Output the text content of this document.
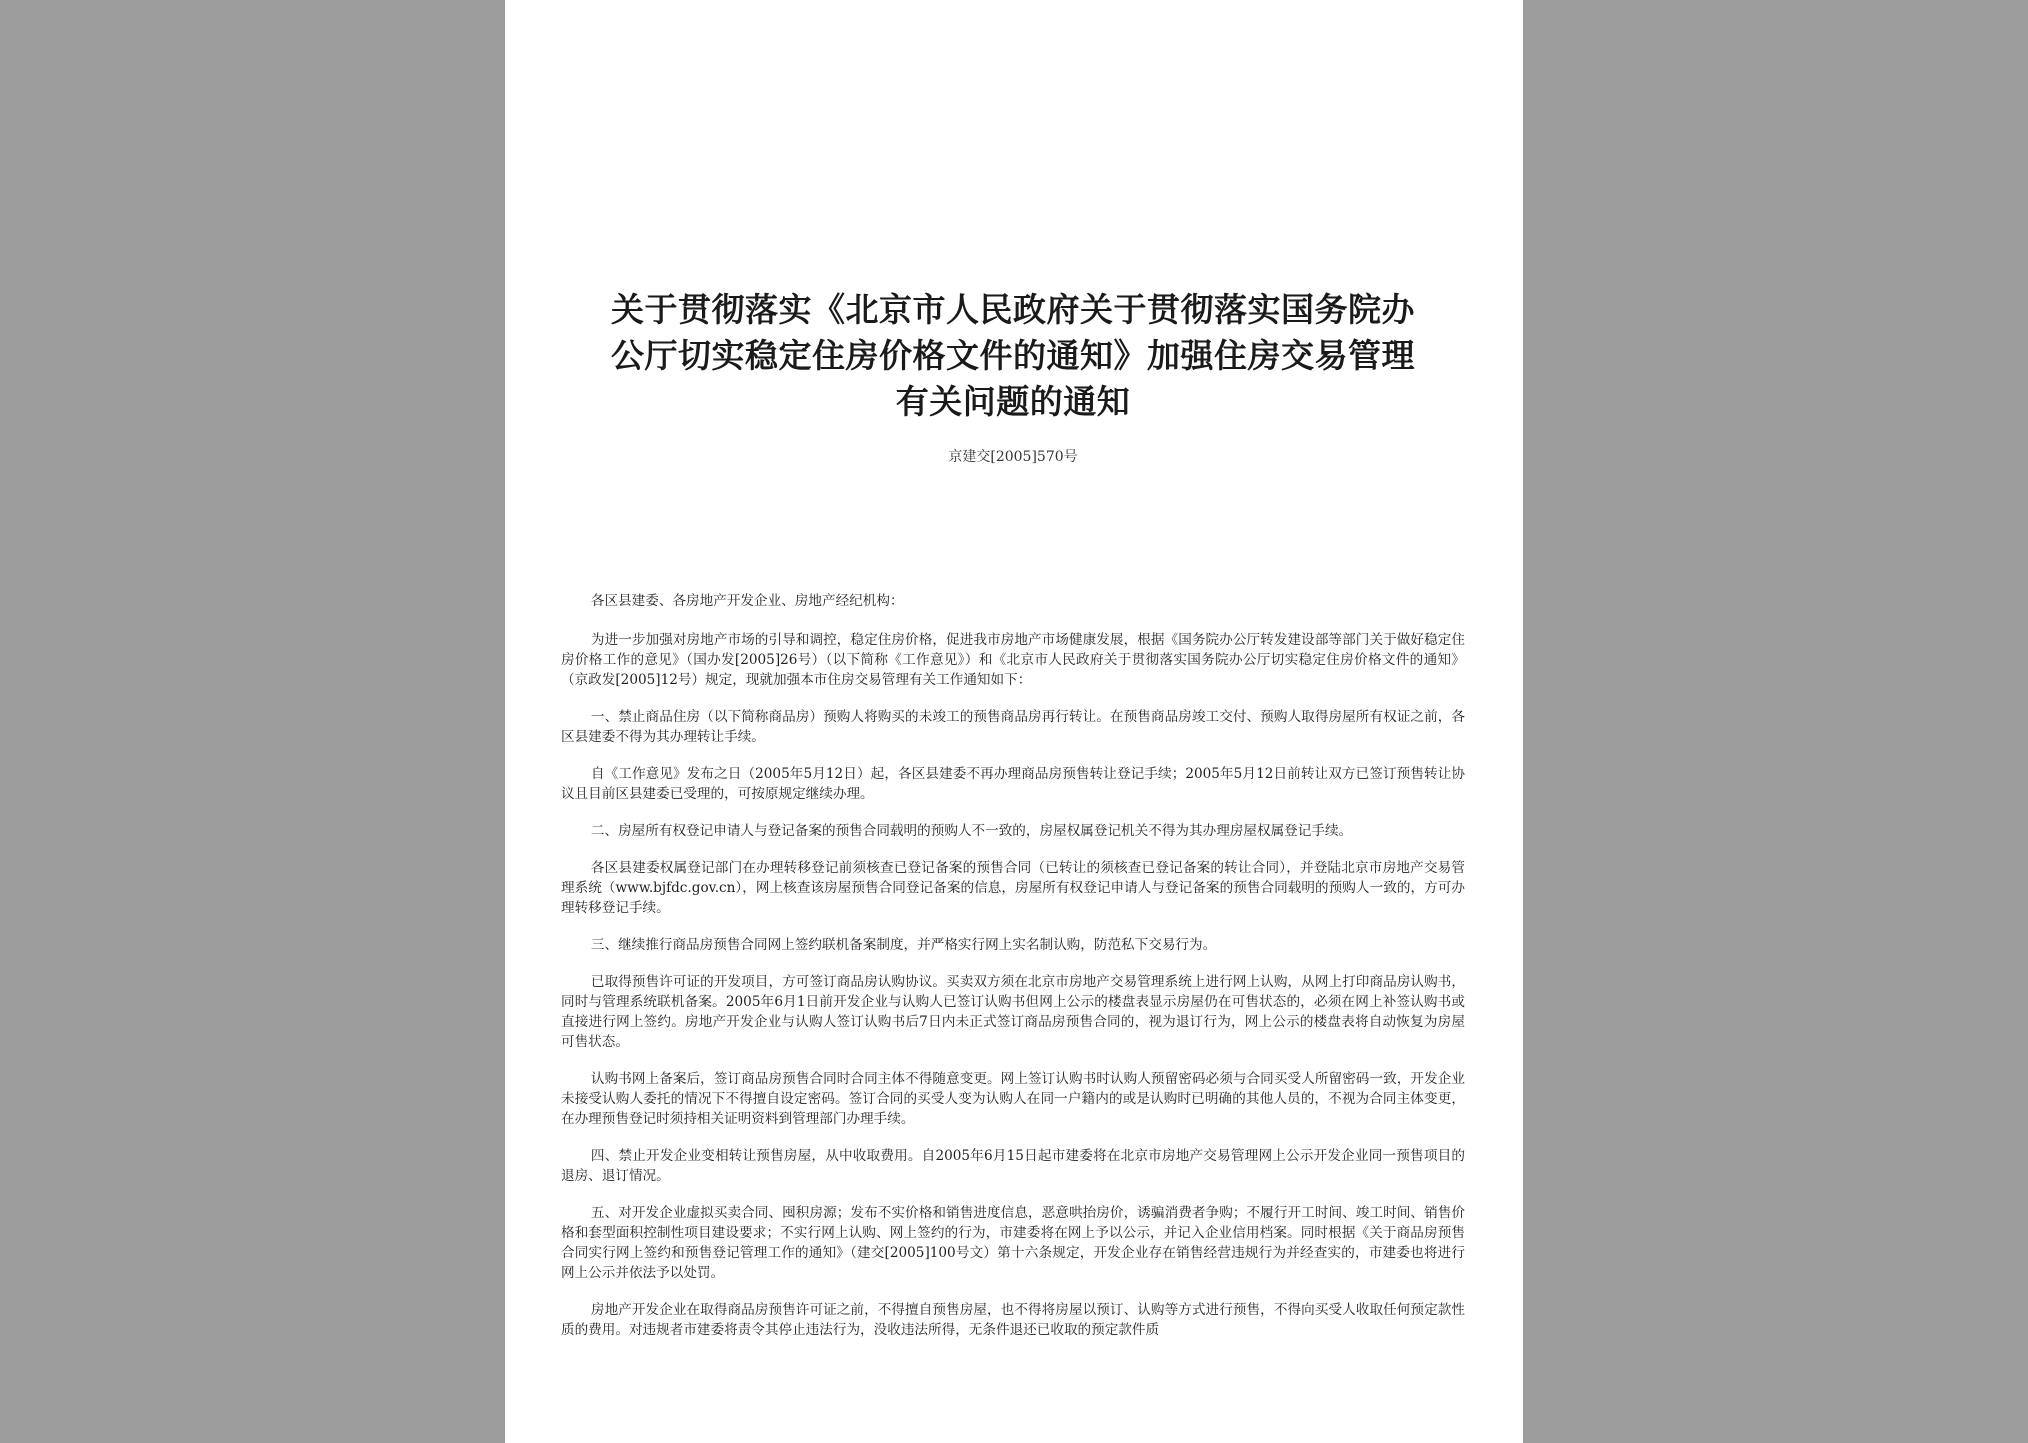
关于贯彻落实《北京市人民政府关于贯彻落实国务院办
公厅切实稳定住房价格文件的通知》加强住房交易管理
有关问题的通知
京建交[2005]570号

各区县建委、各房地产开发企业、房地产经纪机构：

为进一步加强对房地产市场的引导和调控，稳定住房价格，促进我市房地产市场健康发展，根据《国务院办公厅转发建设部等部门关于做好稳定住房价格工作的意见》（国办发[2005]26号）（以下简称《工作意见》）和《北京市人民政府关于贯彻落实国务院办公厅切实稳定住房价格文件的通知》（京政发[2005]12号）规定，现就加强本市住房交易管理有关工作通知如下：

一、禁止商品住房（以下简称商品房）预购人将购买的未竣工的预售商品房再行转让。在预售商品房竣工交付、预购人取得房屋所有权证之前，各区县建委不得为其办理转让手续。

自《工作意见》发布之日（2005年5月12日）起，各区县建委不再办理商品房预售转让登记手续；2005年5月12日前转让双方已签订预售转让协议且目前区县建委已受理的，可按原规定继续办理。

二、房屋所有权登记申请人与登记备案的预售合同载明的预购人不一致的，房屋权属登记机关不得为其办理房屋权属登记手续。

各区县建委权属登记部门在办理转移登记前须核查已登记备案的预售合同（已转让的须核查已登记备案的转让合同），并登陆北京市房地产交易管理系统（www.bjfdc.gov.cn），网上核查该房屋预售合同登记备案的信息，房屋所有权登记申请人与登记备案的预售合同载明的预购人一致的，方可办理转移登记手续。

三、继续推行商品房预售合同网上签约联机备案制度，并严格实行网上实名制认购，防范私下交易行为。

已取得预售许可证的开发项目，方可签订商品房认购协议。买卖双方须在北京市房地产交易管理系统上进行网上认购，从网上打印商品房认购书，同时与管理系统联机备案。2005年6月1日前开发企业与认购人已签订认购书但网上公示的楼盘表显示房屋仍在可售状态的，必须在网上补签认购书或直接进行网上签约。房地产开发企业与认购人签订认购书后7日内未正式签订商品房预售合同的，视为退订行为，网上公示的楼盘表将自动恢复为房屋可售状态。

认购书网上备案后，签订商品房预售合同时合同主体不得随意变更。网上签订认购书时认购人预留密码必须与合同买受人所留密码一致，开发企业未接受认购人委托的情况下不得擅自设定密码。签订合同的买受人变为认购人在同一户籍内的或是认购时已明确的其他人员的，不视为合同主体变更，在办理预售登记时须持相关证明资料到管理部门办理手续。

四、禁止开发企业变相转让预售房屋，从中收取费用。自2005年6月15日起市建委将在北京市房地产交易管理网上公示开发企业同一预售项目的退房、退订情况。

五、对开发企业虚拟买卖合同、囤积房源；发布不实价格和销售进度信息，恶意哄抬房价，诱骗消费者争购；不履行开工时间、竣工时间、销售价格和套型面积控制性项目建设要求；不实行网上认购、网上签约的行为，市建委将在网上予以公示，并记入企业信用档案。同时根据《关于商品房预售合同实行网上签约和预售登记管理工作的通知》（建交[2005]100号文）第十六条规定，开发企业存在销售经营违规行为并经查实的，市建委也将进行网上公示并依法予以处罚。

房地产开发企业在取得商品房预售许可证之前，不得擅自预售房屋，也不得将房屋以预订、认购等方式进行预售，不得向买受人收取任何预定款性质的费用。对违规者市建委将责令其停止违法行为，没收违法所得，无条件退还已收取的预定款件质
